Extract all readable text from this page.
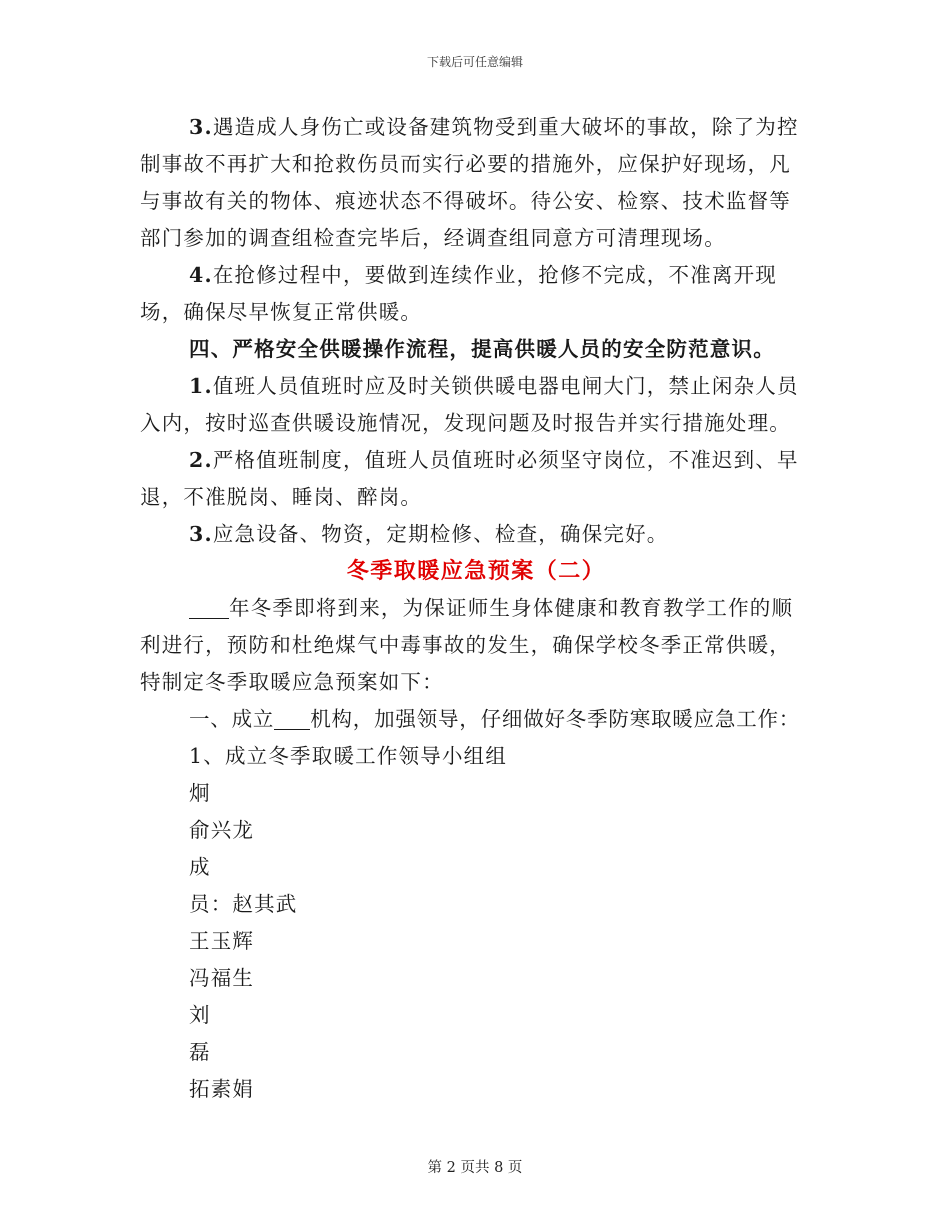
下载后可任意编辑

3.遇造成人身伤亡或设备建筑物受到重大破坏的事故，除了为控制事故不再扩大和抢救伤员而实行必要的措施外，应保护好现场，凡与事故有关的物体、痕迹状态不得破坏。待公安、检察、技术监督等部门参加的调查组检查完毕后，经调查组同意方可清理现场。

4.在抢修过程中，要做到连续作业，抢修不完成，不准离开现场，确保尽早恢复正常供暖。

四、严格安全供暖操作流程，提高供暖人员的安全防范意识。

1.值班人员值班时应及时关锁供暖电器电闸大门，禁止闲杂人员入内，按时巡查供暖设施情况，发现问题及时报告并实行措施处理。

2.严格值班制度，值班人员值班时必须坚守岗位，不准迟到、早退，不准脱岗、睡岗、醉岗。

3.应急设备、物资，定期检修、检查，确保完好。

冬季取暖应急预案（二）

年冬季即将到来，为保证师生身体健康和教育教学工作的顺利进行，预防和杜绝煤气中毒事故的发生，确保学校冬季正常供暖，特制定冬季取暖应急预案如下：

一、成立 机构，加强领导，仔细做好冬季防寒取暖应急工作：

1、成立冬季取暖工作领导小组组

炯

俞兴龙

成

员：赵其武

王玉辉

冯福生

刘

磊

拓素娟

第 2 页共 8 页
